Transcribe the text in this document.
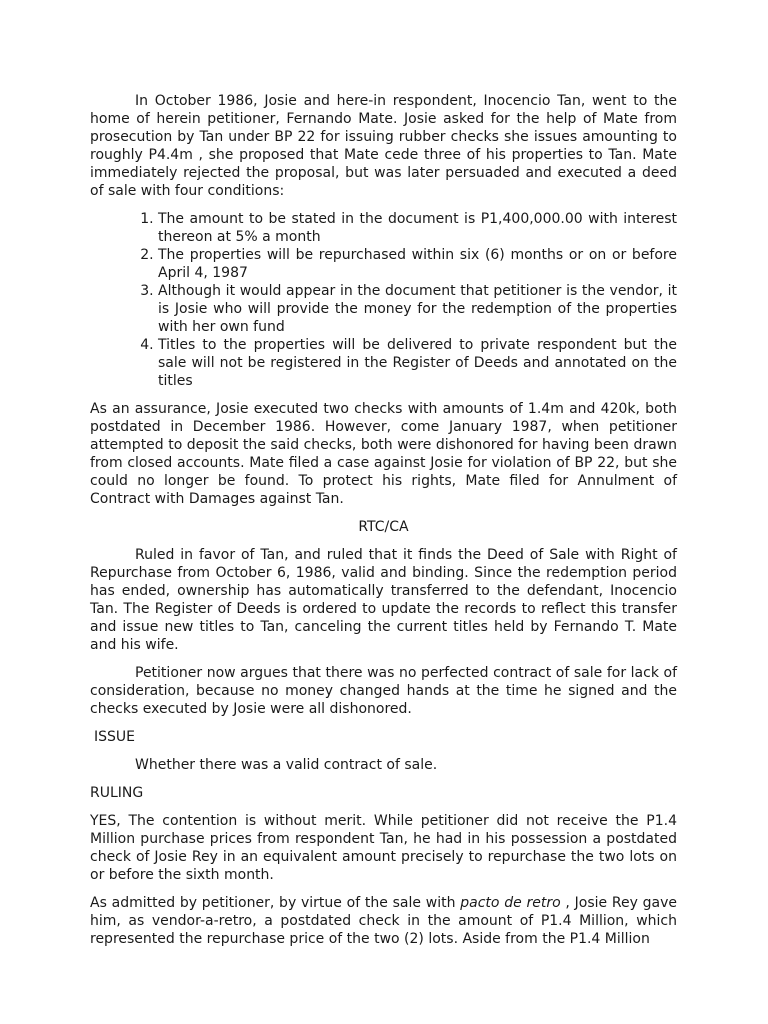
In October 1986, Josie and here-in respondent, Inocencio Tan, went to the home of herein petitioner, Fernando Mate. Josie asked for the help of Mate from prosecution by Tan under BP 22 for issuing rubber checks she issues amounting to roughly P4.4m , she proposed that Mate cede three of his properties to Tan. Mate immediately rejected the proposal, but was later persuaded and executed a deed of sale with four conditions:

1. The amount to be stated in the document is P1,400,000.00 with interest thereon at 5% a month
2. The properties will be repurchased within six (6) months or on or before April 4, 1987
3. Although it would appear in the document that petitioner is the vendor, it is Josie who will provide the money for the redemption of the properties with her own fund
4. Titles to the properties will be delivered to private respondent but the sale will not be registered in the Register of Deeds and annotated on the titles

As an assurance, Josie executed two checks with amounts of 1.4m and 420k, both postdated in December 1986. However, come January 1987, when petitioner attempted to deposit the said checks, both were dishonored for having been drawn from closed accounts. Mate filed a case against Josie for violation of BP 22, but she could no longer be found. To protect his rights, Mate filed for Annulment of Contract with Damages against Tan.

RTC/CA

Ruled in favor of Tan, and ruled that it finds the Deed of Sale with Right of Repurchase from October 6, 1986, valid and binding. Since the redemption period has ended, ownership has automatically transferred to the defendant, Inocencio Tan. The Register of Deeds is ordered to update the records to reflect this transfer and issue new titles to Tan, canceling the current titles held by Fernando T. Mate and his wife.

Petitioner now argues that there was no perfected contract of sale for lack of consideration, because no money changed hands at the time he signed and the checks executed by Josie were all dishonored.

ISSUE

Whether there was a valid contract of sale.

RULING

YES, The contention is without merit. While petitioner did not receive the P1.4 Million purchase prices from respondent Tan, he had in his possession a postdated check of Josie Rey in an equivalent amount precisely to repurchase the two lots on or before the sixth month.

As admitted by petitioner, by virtue of the sale with pacto de retro , Josie Rey gave him, as vendor-a-retro, a postdated check in the amount of P1.4 Million, which represented the repurchase price of the two (2) lots. Aside from the P1.4 Million
